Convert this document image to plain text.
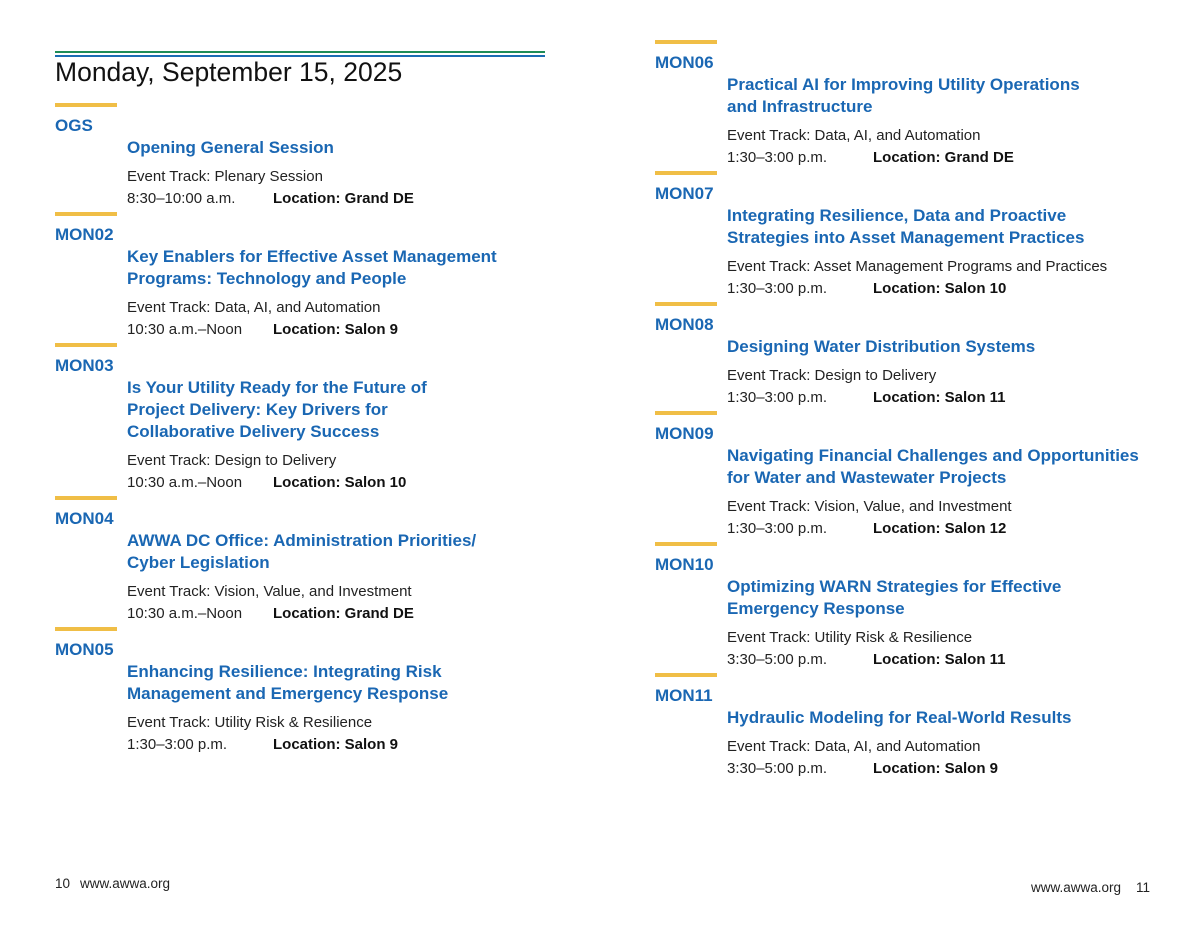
Monday, September 15, 2025
OGS
Opening General Session
Event Track: Plenary Session
8:30–10:00 a.m.	Location: Grand DE
MON02
Key Enablers for Effective Asset Management
Programs: Technology and People
Event Track: Data, AI, and Automation
10:30 a.m.–Noon	Location: Salon 9
MON03
Is Your Utility Ready for the Future of
Project Delivery: Key Drivers for
Collaborative Delivery Success
Event Track: Design to Delivery
10:30 a.m.–Noon	Location: Salon 10
MON04
AWWA DC Office: Administration Priorities/
Cyber Legislation
Event Track: Vision, Value, and Investment
10:30 a.m.–Noon	Location: Grand DE
MON05
Enhancing Resilience: Integrating Risk
Management and Emergency Response
Event Track: Utility Risk & Resilience
1:30–3:00 p.m.	Location: Salon 9
MON06
Practical AI for Improving Utility Operations
and Infrastructure
Event Track: Data, AI, and Automation
1:30–3:00 p.m.	Location: Grand DE
MON07
Integrating Resilience, Data and Proactive
Strategies into Asset Management Practices
Event Track: Asset Management Programs and Practices
1:30–3:00 p.m.	Location: Salon 10
MON08
Designing Water Distribution Systems
Event Track: Design to Delivery
1:30–3:00 p.m.	Location: Salon 11
MON09
Navigating Financial Challenges and Opportunities
for Water and Wastewater Projects
Event Track: Vision, Value, and Investment
1:30–3:00 p.m.	Location: Salon 12
MON10
Optimizing WARN Strategies for Effective
Emergency Response
Event Track: Utility Risk & Resilience
3:30–5:00 p.m.	Location: Salon 11
MON11
Hydraulic Modeling for Real-World Results
Event Track: Data, AI, and Automation
3:30–5:00 p.m.	Location: Salon 9
10 www.awwa.org	www.awwa.org 11
